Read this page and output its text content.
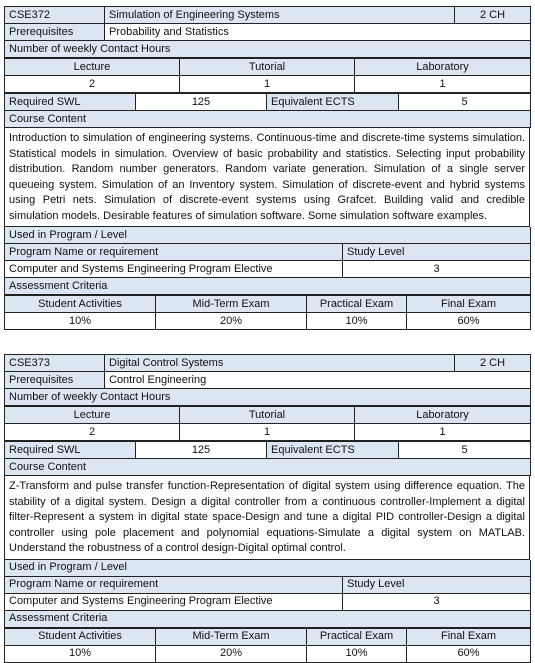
CSE372	Simulation of Engineering Systems	2 CH
Prerequisites	Probability and Statistics	
Number of weekly Contact Hours		
Lecture	Tutorial	Laboratory
2	1	1
Required SWL	125	Equivalent ECTS	5
Course Content
Introduction to simulation of engineering systems. Continuous-time and discrete-time systems simulation. Statistical models in simulation. Overview of basic probability and statistics. Selecting input probability distribution. Random number generators. Random variate generation. Simulation of a single server queueing system. Simulation of an Inventory system. Simulation of discrete-event and hybrid systems using Petri nets. Simulation of discrete-event systems using Grafcet. Building valid and credible simulation models. Desirable features of simulation software. Some simulation software examples.
Used in Program / Level	
Program Name or requirement	Study Level
Computer and Systems Engineering Program Elective	3
Assessment Criteria	
Student Activities	Mid-Term Exam	Practical Exam	Final Exam
10%	20%	10%	60%
CSE373	Digital Control Systems	2 CH
Prerequisites	Control Engineering	
Number of weekly Contact Hours		
Lecture	Tutorial	Laboratory
2	1	1
Required SWL	125	Equivalent ECTS	5
Course Content
Z-Transform and pulse transfer function-Representation of digital system using difference equation. The stability of a digital system. Design a digital controller from a continuous controller-Implement a digital filter-Represent a system in digital state space-Design and tune a digital PID controller-Design a digital controller using pole placement and polynomial equations-Simulate a digital system on MATLAB. Understand the robustness of a control design-Digital optimal control.
Used in Program / Level	
Program Name or requirement	Study Level
Computer and Systems Engineering Program Elective	3
Assessment Criteria	
Student Activities	Mid-Term Exam	Practical Exam	Final Exam
10%	20%	10%	60%
